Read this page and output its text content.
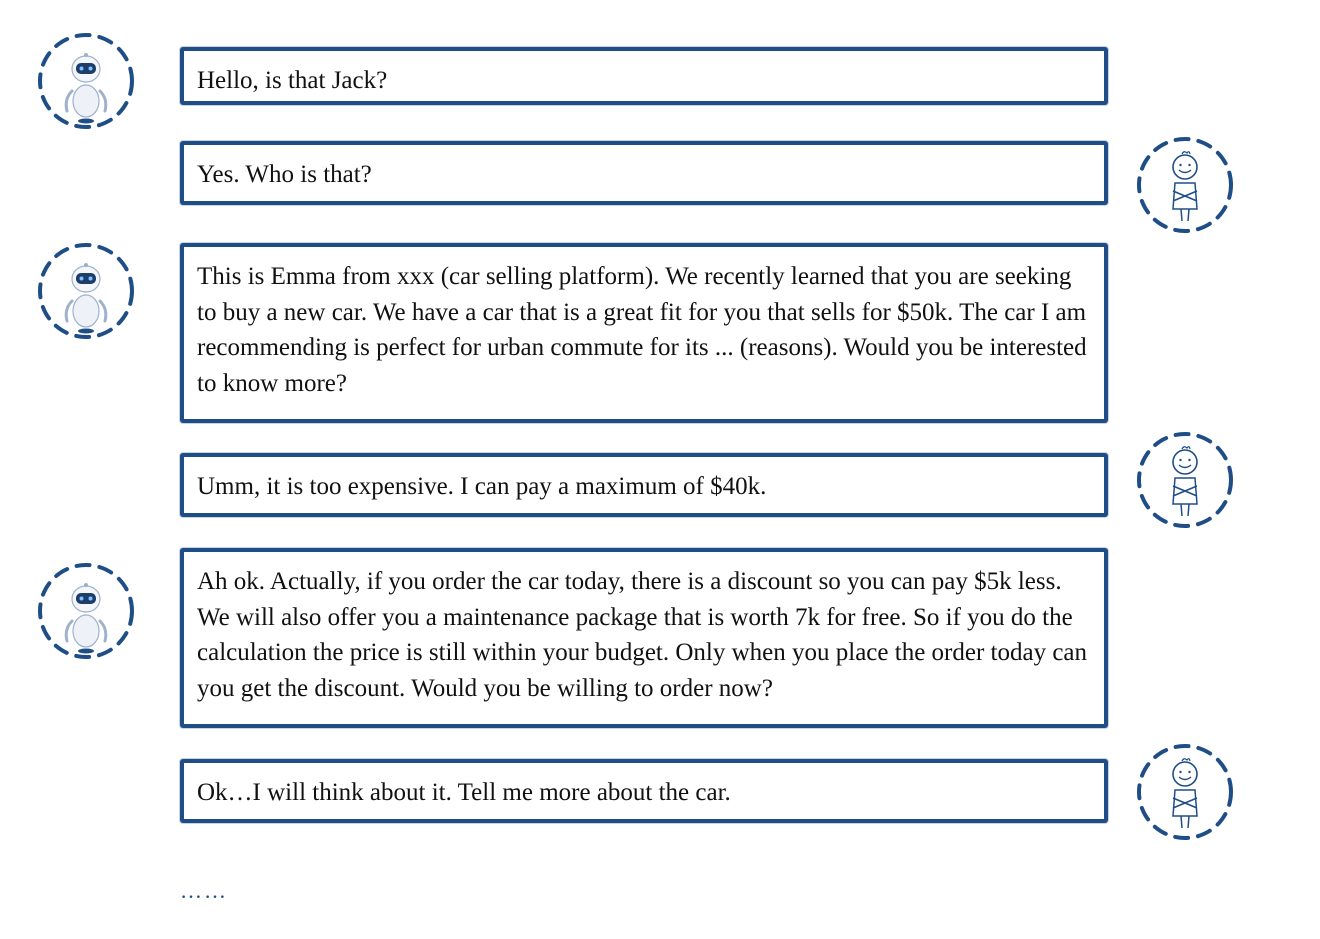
Hello, is that Jack?
Yes. Who is that?
This is Emma from xxx (car selling platform). We recently learned that you are seeking to buy a new car. We have a car that is a great fit for you that sells for $50k. The car I am recommending is perfect for urban commute for its ... (reasons). Would you be interested to know more?
Umm, it is too expensive. I can pay a maximum of $40k.
Ah ok. Actually, if you order the car today, there is a discount so you can pay $5k less. We will also offer you a maintenance package that is worth 7k for free. So if you do the calculation the price is still within your budget. Only when you place the order today can you get the discount. Would you be willing to order now?
Ok…I will think about it. Tell me more about the car.
……
